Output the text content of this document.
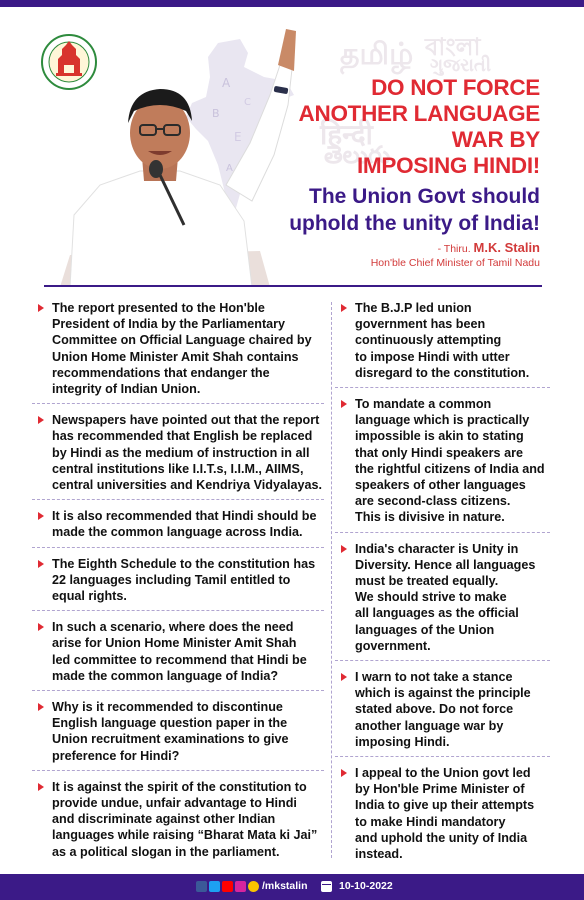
தமிழ் বাংলা
ગુજરાતી
हिन्दी
తెలుగు
A
C
B
E
A
DO NOT FORCE
ANOTHER LANGUAGE
WAR BY
IMPOSING HINDI!
The Union Govt should
uphold the unity of India!
- Thiru. M.K. Stalin
Hon'ble Chief Minister of Tamil Nadu
The report presented to the Hon'ble
President of India by the Parliamentary
Committee on Official Language chaired by
Union Home Minister Amit Shah contains
recommendations that endanger the
integrity of Indian Union.
Newspapers have pointed out that the report
has recommended that English be replaced
by Hindi as the medium of instruction in all
central institutions like I.I.T.s, I.I.M., AIIMS,
central universities and Kendriya Vidyalayas.
It is also recommended that Hindi should be
made the common language across India.
The Eighth Schedule to the constitution has
22 languages including Tamil entitled to
equal rights.
In such a scenario, where does the need
arise for Union Home Minister Amit Shah
led committee to recommend that Hindi be
made the common language of India?
Why is it recommended to discontinue
English language question paper in the
Union recruitment examinations to give
preference for Hindi?
It is against the spirit of the constitution to
provide undue, unfair advantage to Hindi
and discriminate against other Indian
languages while raising “Bharat Mata ki Jai”
as a political slogan in the parliament.
The B.J.P led union
government has been
continuously attempting
to impose Hindi with utter
disregard to the constitution.
To mandate a common
language which is practically
impossible is akin to stating
that only Hindi speakers are
the rightful citizens of India and
speakers of other languages
are second-class citizens.
This is divisive in nature.
India's character is Unity in
Diversity. Hence all languages
must be treated equally.
We should strive to make
all languages as the official
languages of the Union
government.
I warn to not take a stance
which is against the principle
stated above. Do not force
another language war by
imposing Hindi.
I appeal to the Union govt led
by Hon'ble Prime Minister of
India to give up their attempts
to make Hindi mandatory
and uphold the unity of India
instead.
/mkstalin	10-10-2022
